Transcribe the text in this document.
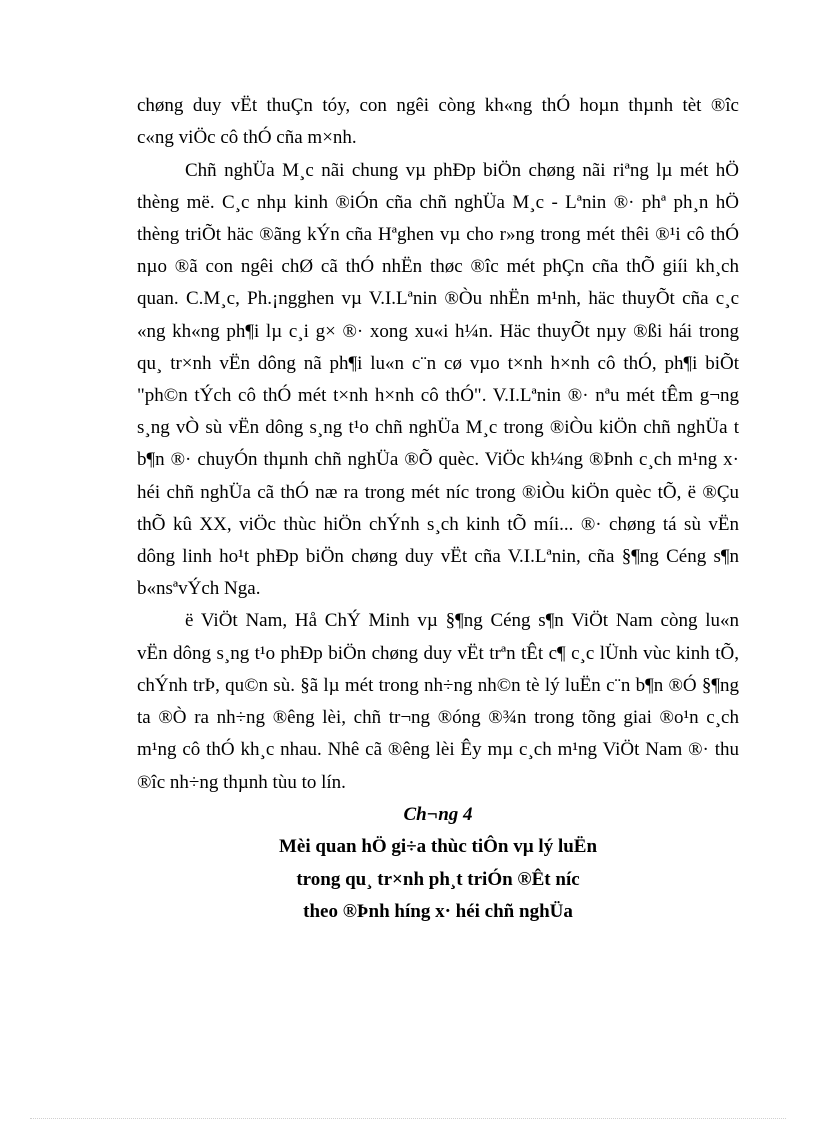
chøng duy vËt thuÇn tóy, con ngêi còng kh«ng thÓ hoµn thµnh tèt ®îc
c«ng viÖc cô thÓ cña m×nh.
Chñ nghÜa M¸c nãi chung vµ phÐp biÖn chøng nãi riªng lµ mét hÖ
thèng më. C¸c nhµ kinh ®iÓn cña chñ nghÜa M¸c - Lªnin ®· phª ph¸n hÖ
thèng triÕt häc ®ãng kÝn cña Hªghen vµ cho r»ng trong mét thêi ®¹i cô thÓ
nµo ®ã con ngêi chØ cã thÓ nhËn thøc ®îc mét phÇn cña thÕ giíi kh¸ch
quan. C.M¸c, Ph.¡ngghen vµ V.I.Lªnin ®Òu nhËn m¹nh, häc thuyÕt cña c¸c
«ng kh«ng ph¶i lµ c¸i g× ®· xong xu«i h¼n. Häc thuyÕt nµy ®ßi hái trong
qu¸ tr×nh vËn dông nã ph¶i lu«n c¨n cø vµo t×nh h×nh cô thÓ, ph¶i biÕt
"ph©n tÝch cô thÓ mét t×nh h×nh cô thÓ". V.I.Lªnin ®· nªu mét tÊm g¬ng
s¸ng vÒ sù vËn dông s¸ng t¹o chñ nghÜa M¸c trong ®iÒu kiÖn chñ nghÜa t
b¶n ®· chuyÓn thµnh chñ nghÜa ®Õ quèc. ViÖc kh¼ng ®Þnh c¸ch m¹ng x·
héi chñ nghÜa cã thÓ næ ra trong mét níc trong ®iÒu kiÖn quèc tÕ, ë ®Çu
thÕ kû XX, viÖc thùc hiÖn chÝnh s¸ch kinh tÕ míi... ®· chøng tá sù vËn
dông linh ho¹t phÐp biÖn chøng duy vËt cña V.I.Lªnin, cña §¶ng Céng s¶n
b«nsªvÝch Nga.
ë ViÖt Nam, Hå ChÝ Minh vµ §¶ng Céng s¶n ViÖt Nam còng lu«n
vËn dông s¸ng t¹o phÐp biÖn chøng duy vËt trªn tÊt c¶ c¸c lÜnh vùc kinh tÕ,
chÝnh trÞ, qu©n sù. §ã lµ mét trong nh÷ng nh©n tè lý luËn c¨n b¶n ®Ó §¶ng
ta ®Ò ra nh÷ng ®êng lèi, chñ tr¬ng ®óng ®¾n trong tõng giai ®o¹n c¸ch
m¹ng cô thÓ kh¸c nhau. Nhê cã ®êng lèi Êy mµ c¸ch m¹ng ViÖt Nam ®· thu
®îc nh÷ng thµnh tùu to lín.
Ch¬ng 4
Mèi quan hÖ gi÷a thùc tiÔn vµ lý luËn
trong qu¸ tr×nh ph¸t triÓn ®Êt níc
theo ®Þnh híng x· héi chñ nghÜa
